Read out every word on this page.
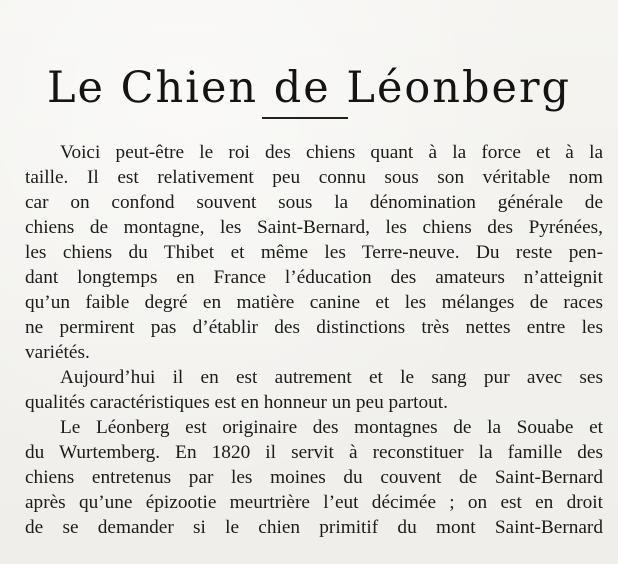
Le Chien de Léonberg
Voici peut-être le roi des chiens quant à la force et à la
taille. Il est relativement peu connu sous son véritable nom
car on confond souvent sous la dénomination générale de
chiens de montagne, les Saint-Bernard, les chiens des Pyrénées,
les chiens du Thibet et même les Terre-neuve. Du reste pen-
dant longtemps en France l’éducation des amateurs n’atteignit
qu’un faible degré en matière canine et les mélanges de races
ne permirent pas d’établir des distinctions très nettes entre les
variétés.
Aujourd’hui il en est autrement et le sang pur avec ses
qualités caractéristiques est en honneur un peu partout.
Le Léonberg est originaire des montagnes de la Souabe et
du Wurtemberg. En 1820 il servit à reconstituer la famille des
chiens entretenus par les moines du couvent de Saint-Bernard
après qu’une épizootie meurtrière l’eut décimée ; on est en droit
de se demander si le chien primitif du mont Saint-Bernard
